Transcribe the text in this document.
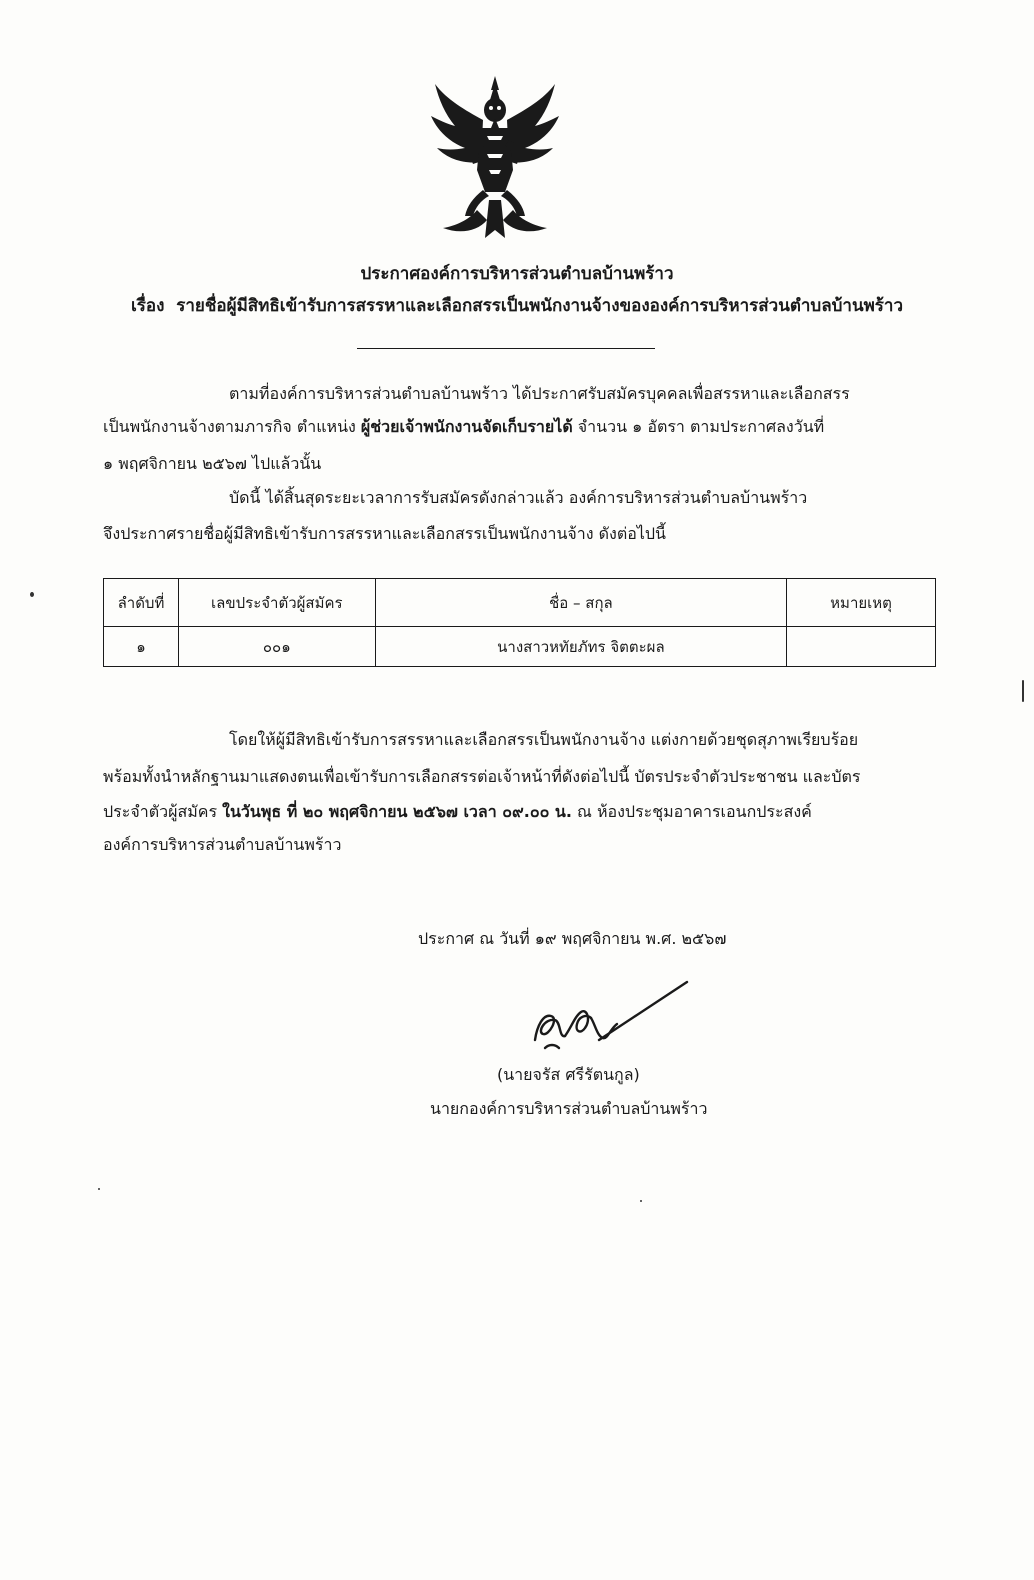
ประกาศองค์การบริหารส่วนตำบลบ้านพร้าว
เรื่อง รายชื่อผู้มีสิทธิเข้ารับการสรรหาและเลือกสรรเป็นพนักงานจ้างขององค์การบริหารส่วนตำบลบ้านพร้าว
ตามที่องค์การบริหารส่วนตำบลบ้านพร้าว ได้ประกาศรับสมัครบุคคลเพื่อสรรหาและเลือกสรร
เป็นพนักงานจ้างตามภารกิจ ตำแหน่ง ผู้ช่วยเจ้าพนักงานจัดเก็บรายได้ จำนวน ๑ อัตรา ตามประกาศลงวันที่
๑ พฤศจิกายน ๒๕๖๗ ไปแล้วนั้น
บัดนี้ ได้สิ้นสุดระยะเวลาการรับสมัครดังกล่าวแล้ว องค์การบริหารส่วนตำบลบ้านพร้าว
จึงประกาศรายชื่อผู้มีสิทธิเข้ารับการสรรหาและเลือกสรรเป็นพนักงานจ้าง ดังต่อไปนี้
ลำดับที่	เลขประจำตัวผู้สมัคร	ชื่อ – สกุล	หมายเหตุ
๑	๐๐๑	นางสาวหทัยภัทร จิตตะผล	
โดยให้ผู้มีสิทธิเข้ารับการสรรหาและเลือกสรรเป็นพนักงานจ้าง แต่งกายด้วยชุดสุภาพเรียบร้อย
พร้อมทั้งนำหลักฐานมาแสดงตนเพื่อเข้ารับการเลือกสรรต่อเจ้าหน้าที่ดังต่อไปนี้ บัตรประจำตัวประชาชน และบัตร
ประจำตัวผู้สมัคร ในวันพุธ ที่ ๒๐ พฤศจิกายน ๒๕๖๗ เวลา ๐๙.๐๐ น. ณ ห้องประชุมอาคารเอนกประสงค์
องค์การบริหารส่วนตำบลบ้านพร้าว
ประกาศ ณ วันที่ ๑๙ พฤศจิกายน พ.ศ. ๒๕๖๗
(นายจรัส ศรีรัตนกูล)
นายกองค์การบริหารส่วนตำบลบ้านพร้าว
